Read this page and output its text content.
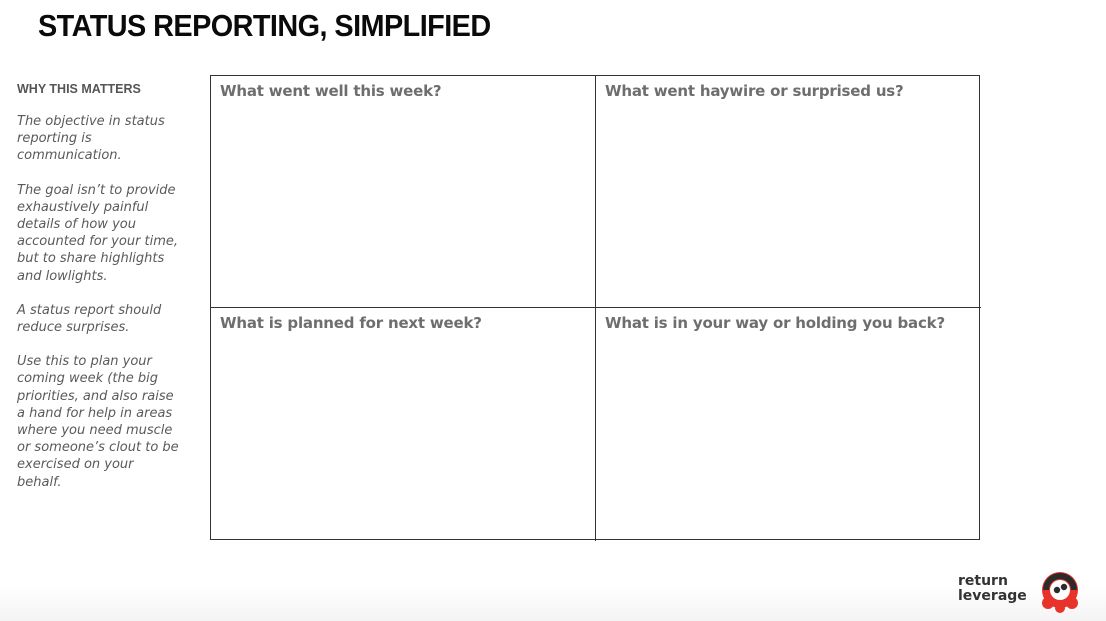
STATUS REPORTING, SIMPLIFIED
WHY THIS MATTERS

The objective in status reporting is communication.

The goal isn’t to provide exhaustively painful details of how you accounted for your time, but to share highlights and lowlights.

A status report should reduce surprises.

Use this to plan your coming week (the big priorities, and also raise a hand for help in areas where you need muscle or someone’s clout to be exercised on your behalf.

What went well this week?	What went haywire or surprised us?
What is planned for next week?	What is in your way or holding you back?
return
leverage
